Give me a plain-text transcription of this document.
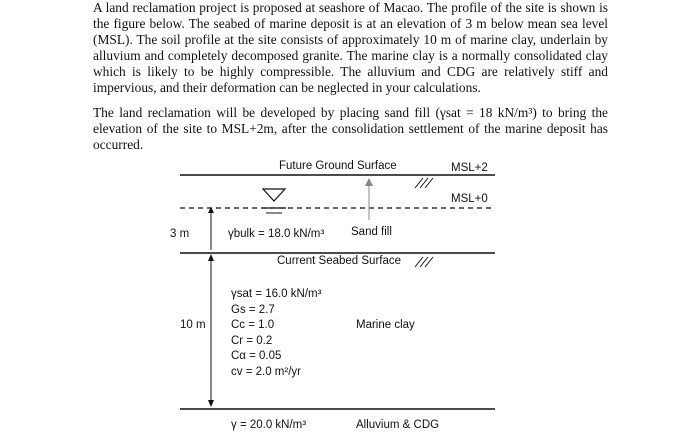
A land reclamation project is proposed at seashore of Macao. The profile of the site is shown is the figure below. The seabed of marine deposit is at an elevation of 3 m below mean sea level (MSL). The soil profile at the site consists of approximately 10 m of marine clay, underlain by alluvium and completely decomposed granite. The marine clay is a normally consolidated clay which is likely to be highly compressible. The alluvium and CDG are relatively stiff and impervious, and their deformation can be neglected in your calculations.
The land reclamation will be developed by placing sand fill (γsat = 18 kN/m³) to bring the elevation of the site to MSL+2m, after the consolidation settlement of the marine deposit has occurred.
Future Ground Surface	MSL+2
MSL+0
3 m	γbulk = 18.0 kN/m³ Sand fill
Current Seabed Surface
γsat = 16.0 kN/m³
Gs = 2.7
Cc = 1.0
10 m	Marine clay
Cr = 0.2
Cα = 0.05
cv = 2.0 m²/yr
γ = 20.0 kN/m³	Alluvium & CDG
